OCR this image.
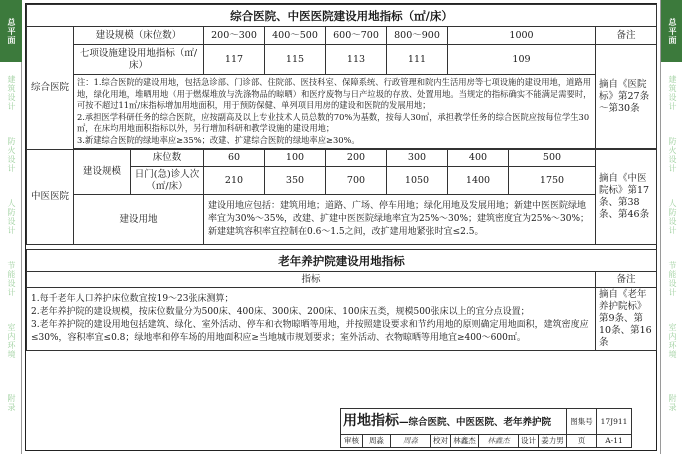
总平面
建筑设计
防火设计
人防设计
节能设计
室内环境
附录
总平面
建筑设计
防火设计
人防设计
节能设计
室内环境
附录
综合医院、中医医院建设用地指标（㎡/床）									
综合医院	建设规模（床位数）		200～300	400～500	600～700	800～900	1000		备注
	七项设施建设用地指标（㎡/床）		117	115	113	111	109		摘自《医院标》第27条～第30条

	注：1.综合医院的建设用地，包括急诊部、门诊部、住院部、医技科室、保障系统、行政管理和院内生活用房等七项设施的建设用地，道路用地，绿化用地，堆晒用地（用于燃煤堆放与洗涤物品的晾晒）和医疗废物与日产垃圾的存放、处置用地。当规定的指标确实不能满足需要时，可按不超过11㎡/床指标增加用地面积，用于预防保健、单列项目用房的建设和医院的发展用地；
2.承担医学科研任务的综合医院，应按副高及以上专业技术人员总数的70%为基数，按每人30㎡，承担教学任务的综合医院应按每位学生30㎡，在床均用地面积指标以外，另行增加科研和教学设施的建设用地；
3.新建综合医院的绿地率应≥35%；改建、扩建综合医院的绿地率应≥30%。								

中医医院	建设规模	床位数	60	100	200	300	400	500	摘自《中医院标》第17条、第38条、第46条
		日门(急)诊人次（㎡/床）	210	350	700	1050	1400	1750	
	建设用地		建设用地应包括：建筑用地；道路、广场、停车用地；绿化用地及发展用地；新建中医医院绿地率宜为30%～35%，改建、扩建中医医院绿地率宜为25%～30%；建筑密度宜为25%～30%；新建建筑容积率宜控制在0.6～1.5之间，改扩建用地紧张时宜≤2.5。						
老年养护院建设用地指标	
指标	备注

1.每千老年人口养护床位数宜按19～23张床测算；
2.老年养护院的建设规模，按床位数量分为500床、400床、300床、200床、100床五类，规模500张床以上的宜分点设置；
3.老年养护院的建设用地包括建筑、绿化、室外活动、停车和衣物晾晒等用地，并按照建设要求和节约用地的原则确定用地面积，建筑密度应≤30%，容积率宜≤0.8；绿地率和停车场的用地面积应≥当地城市规划要求；室外活动、衣物晾晒等用地宜≥400～600㎡。	摘自《老年养护院标》第9条、第10条、第16条
用地指标—综合医院、中医医院、老年养护院								图集号	17J911
审核	周淼	周淼	校对	林鑫杰	林鑫杰	设计	姜力男	页	A-11
